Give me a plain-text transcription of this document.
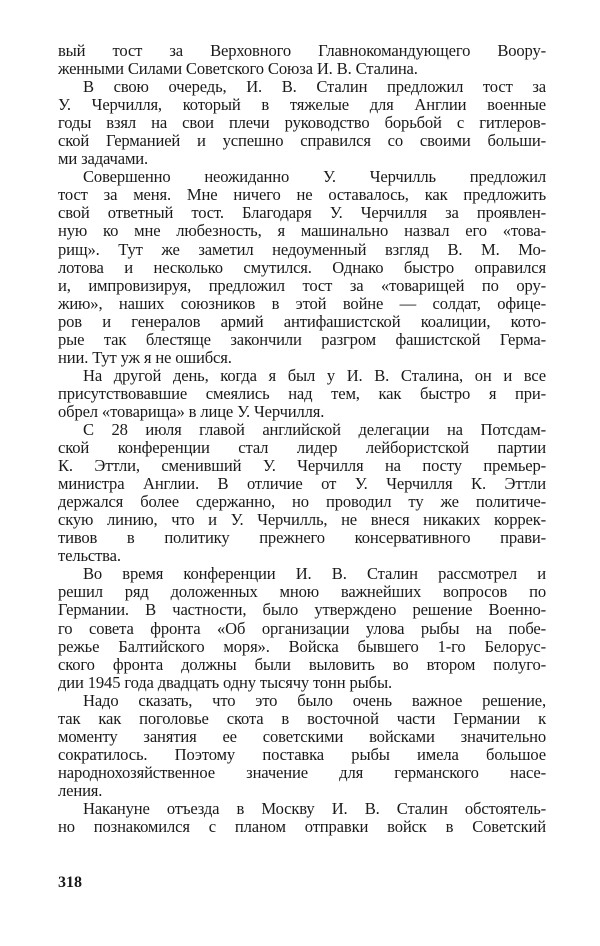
вый тост за Верховного Главнокомандующего Воору-
женными Силами Советского Союза И. В. Сталина.
В свою очередь, И. В. Сталин предложил тост за
У. Черчилля, который в тяжелые для Англии военные
годы взял на свои плечи руководство борьбой с гитлеров-
ской Германией и успешно справился со своими больши-
ми задачами.
Совершенно неожиданно У. Черчилль предложил
тост за меня. Мне ничего не оставалось, как предложить
свой ответный тост. Благодаря У. Черчилля за проявлен-
ную ко мне любезность, я машинально назвал его «това-
рищ». Тут же заметил недоуменный взгляд В. М. Мо-
лотова и несколько смутился. Однако быстро оправился
и, импровизируя, предложил тост за «товарищей по ору-
жию», наших союзников в этой войне — солдат, офице-
ров и генералов армий антифашистской коалиции, кото-
рые так блестяще закончили разгром фашистской Герма-
нии. Тут уж я не ошибся.
На другой день, когда я был у И. В. Сталина, он и все
присутствовавшие смеялись над тем, как быстро я при-
обрел «товарища» в лице У. Черчилля.
С 28 июля главой английской делегации на Потсдам-
ской конференции стал лидер лейбористской партии
К. Эттли, сменивший У. Черчилля на посту премьер-
министра Англии. В отличие от У. Черчилля К. Эттли
держался более сдержанно, но проводил ту же политиче-
скую линию, что и У. Черчилль, не внеся никаких коррек-
тивов в политику прежнего консервативного прави-
тельства.
Во время конференции И. В. Сталин рассмотрел и
решил ряд доложенных мною важнейших вопросов по
Германии. В частности, было утверждено решение Военно-
го совета фронта «Об организации улова рыбы на побе-
режье Балтийского моря». Войска бывшего 1-го Белорус-
ского фронта должны были выловить во втором полуго-
дии 1945 года двадцать одну тысячу тонн рыбы.
Надо сказать, что это было очень важное решение,
так как поголовье скота в восточной части Германии к
моменту занятия ее советскими войсками значительно
сократилось. Поэтому поставка рыбы имела большое
народнохозяйственное значение для германского насе-
ления.
Накануне отъезда в Москву И. В. Сталин обстоятель-
но познакомился с планом отправки войск в Советский
318
